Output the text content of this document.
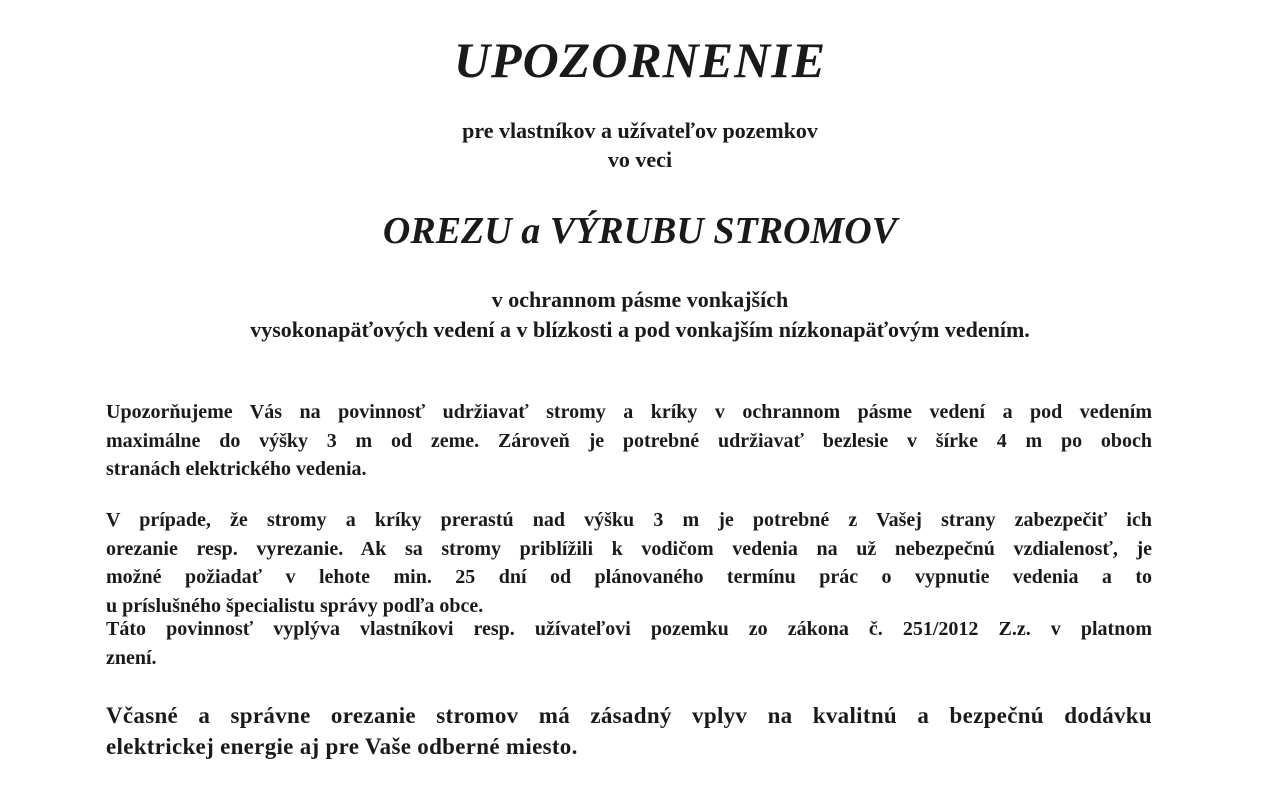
UPOZORNENIE
pre vlastníkov a užívateľov pozemkov
vo veci
OREZU a VÝRUBU STROMOV
v ochrannom pásme vonkajších
vysokonapäťových vedení a v blízkosti a pod vonkajším nízkonapäťovým vedením.
Upozorňujeme Vás na povinnosť udržiavať stromy a kríky v ochrannom pásme vedení a pod vedením
maximálne do výšky 3 m od zeme. Zároveň je potrebné udržiavať bezlesie v šírke 4 m po oboch
stranách elektrického vedenia.
V prípade, že stromy a kríky prerastú nad výšku 3 m je potrebné z Vašej strany zabezpečiť ich
orezanie resp. vyrezanie. Ak sa stromy priblížili k vodičom vedenia na už nebezpečnú vzdialenosť, je
možné požiadať v lehote min. 25 dní od plánovaného termínu prác o vypnutie vedenia a to
u príslušného špecialistu správy podľa obce.
Táto povinnosť vyplýva vlastníkovi resp. užívateľovi pozemku zo zákona č. 251/2012 Z.z. v platnom
znení.
Včasné a správne orezanie stromov má zásadný vplyv na kvalitnú a bezpečnú dodávku
elektrickej energie aj pre Vaše odberné miesto.
